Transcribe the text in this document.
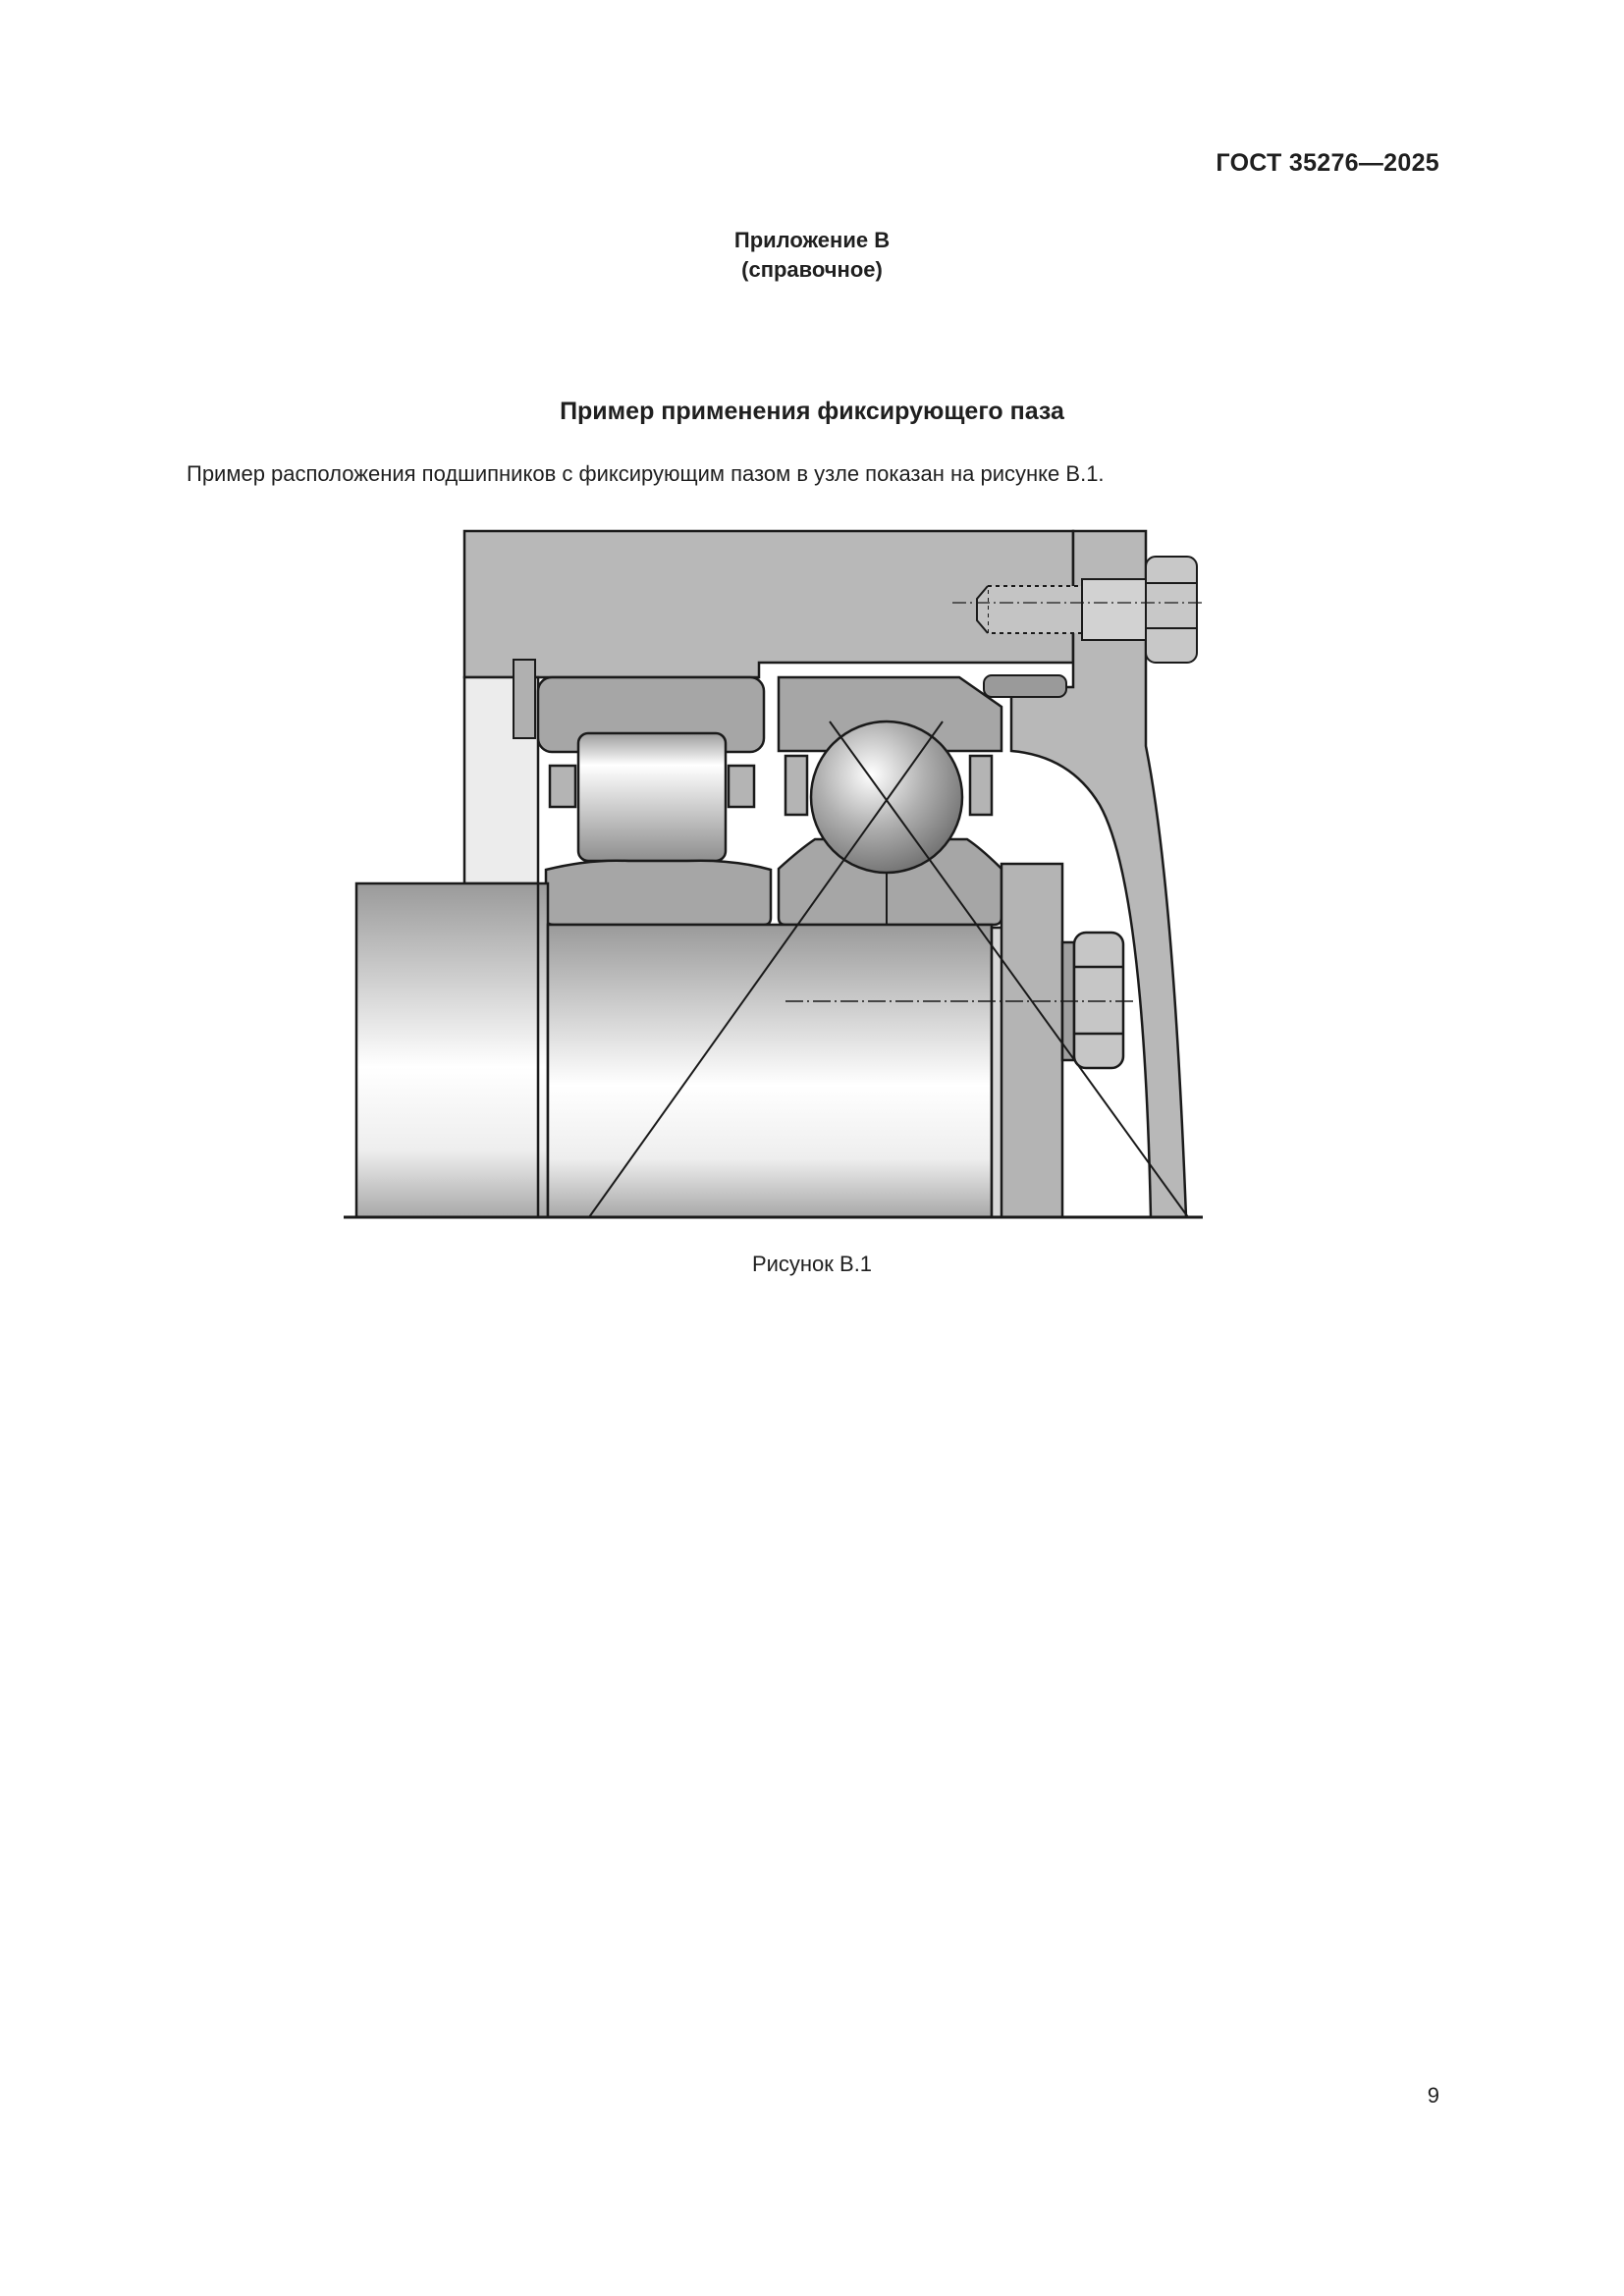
ГОСТ 35276—2025
Приложение В
(справочное)
Пример применения фиксирующего паза
Пример расположения подшипников с фиксирующим пазом в узле показан на рисунке В.1.
Рисунок В.1
9
